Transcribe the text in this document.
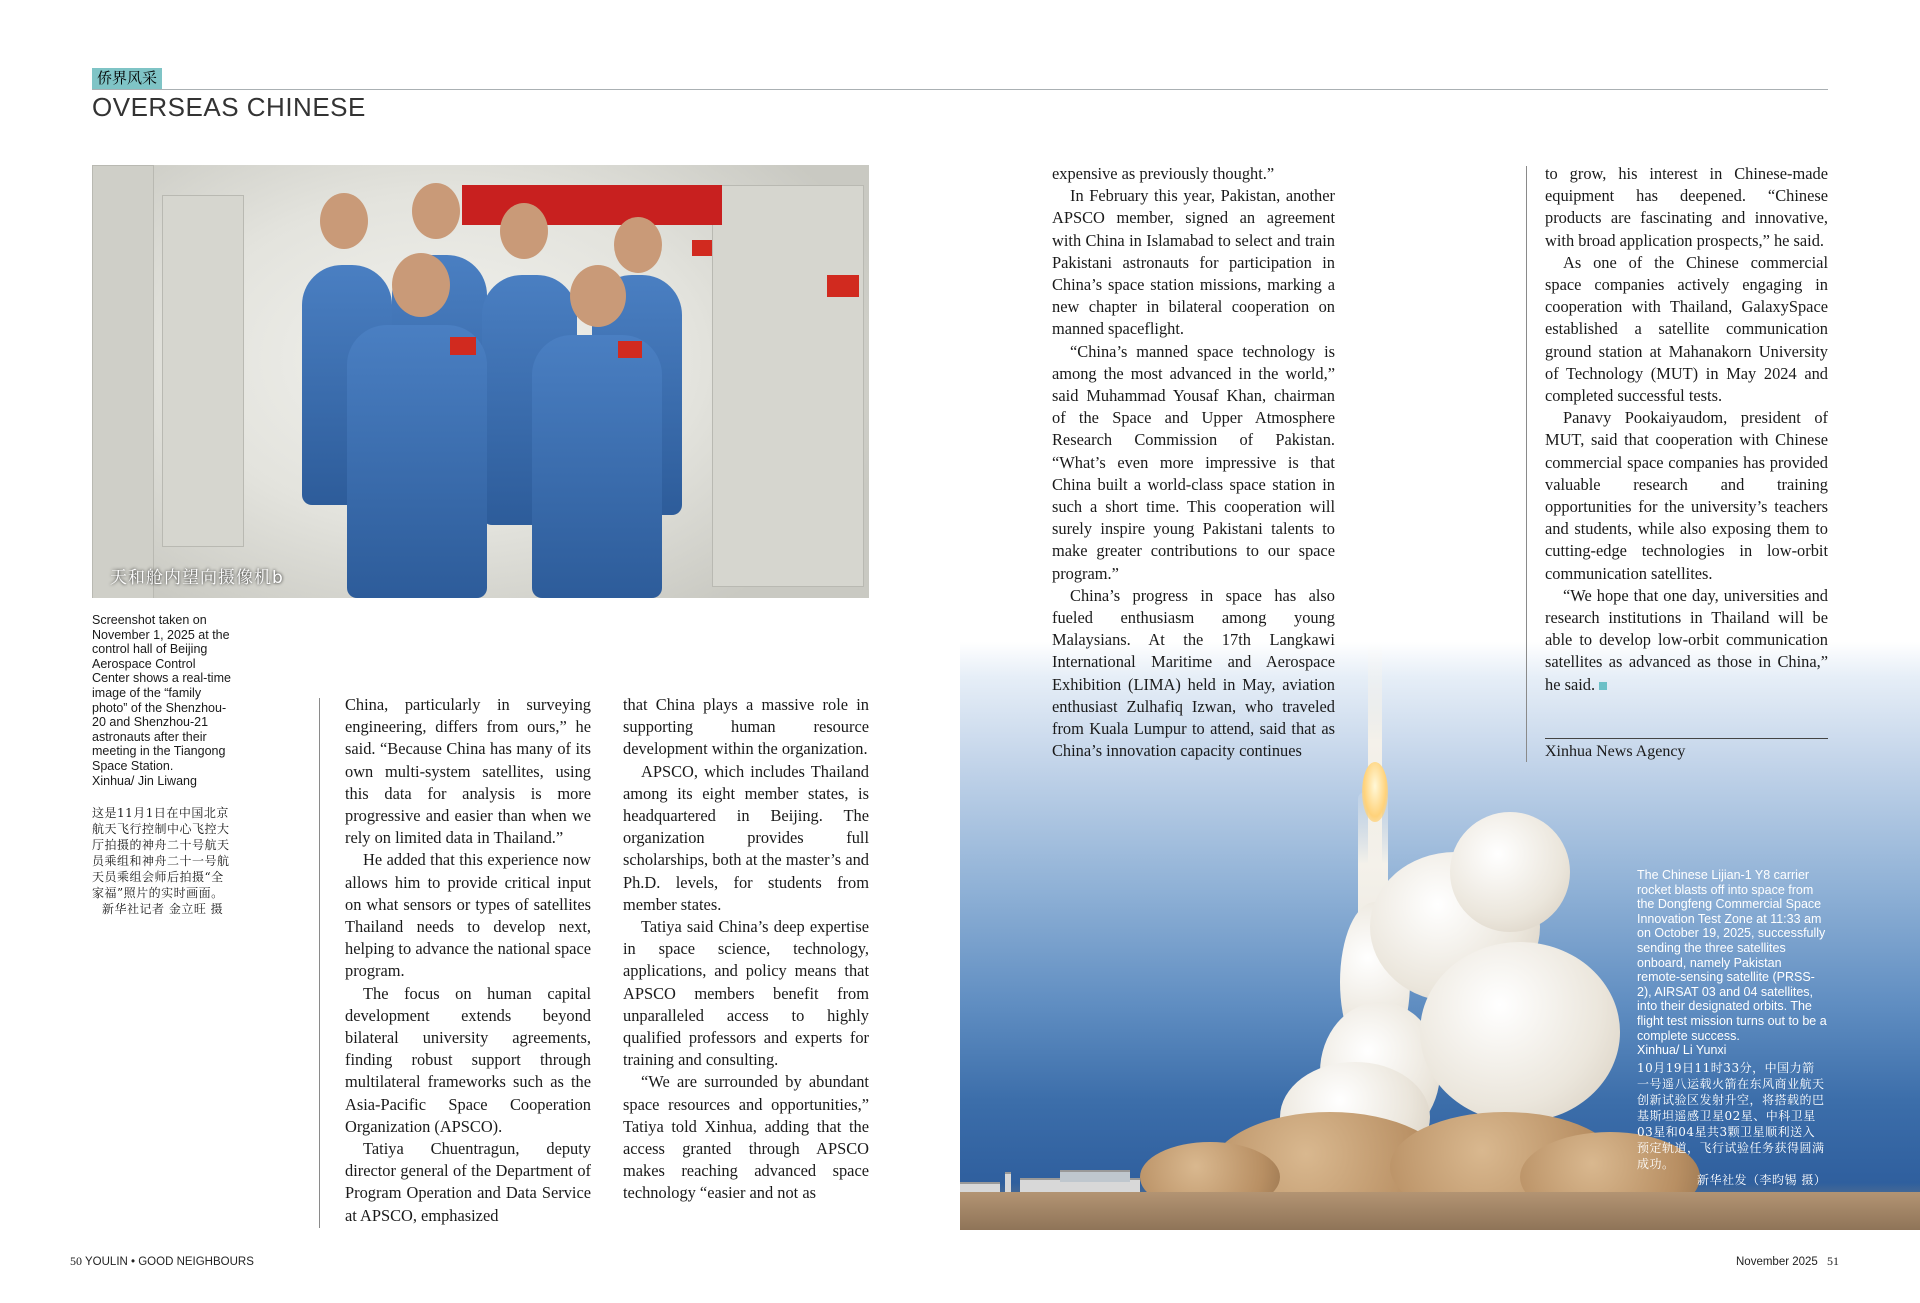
侨界风采
OVERSEAS CHINESE
天和舱内望向摄像机b
Screenshot taken on November 1, 2025 at the control hall of Beijing Aerospace Control Center shows a real-time image of the “family photo” of the Shenzhou-20 and Shenzhou-21 astronauts after their meeting in the Tiangong Space Station.
Xinhua/ Jin Liwang
这是11月1日在中国北京航天飞行控制中心飞控大厅拍摄的神舟二十号航天员乘组和神舟二十一号航天员乘组会师后拍摄“全家福”照片的实时画面。
新华社记者 金立旺 摄
The Chinese Lijian-1 Y8 carrier rocket blasts off into space from the Dongfeng Commercial Space Innovation Test Zone at 11:33 am on October 19, 2025, successfully sending the three satellites onboard, namely Pakistan remote-sensing satellite (PRSS-2), AIRSAT 03 and 04 satellites, into their designated orbits. The flight test mission turns out to be a complete success.
Xinhua/ Li Yunxi
10月19日11时33分，中国力箭一号遥八运载火箭在东风商业航天创新试验区发射升空，将搭载的巴基斯坦遥感卫星02星、中科卫星03星和04星共3颗卫星顺利送入预定轨道，飞行试验任务获得圆满成功。
新华社发（李昀锡 摄）

China, particularly in surveying engineering, differs from ours,” he said. “Because China has many of its own multi-system satellites, using this data for analysis is more progressive and easier than when we rely on limited data in Thailand.”

He added that this experience now allows him to provide critical input on what sensors or types of satellites Thailand needs to develop next, helping to advance the national space program.

The focus on human capital development extends beyond bilateral university agreements, finding robust support through multilateral frameworks such as the Asia-Pacific Space Cooperation Organization (APSCO).

Tatiya Chuentragun, deputy director general of the Department of Program Operation and Data Service at APSCO, emphasized

that China plays a massive role in supporting human resource development within the organization.

APSCO, which includes Thailand among its eight member states, is headquartered in Beijing. The organization provides full scholarships, both at the master’s and Ph.D. levels, for students from member states.

Tatiya said China’s deep expertise in space science, technology, applications, and policy means that APSCO members benefit from unparalleled access to highly qualified professors and experts for training and consulting.

“We are surrounded by abundant space resources and opportunities,” Tatiya told Xinhua, adding that the access granted through APSCO makes reaching advanced space technology “easier and not as

expensive as previously thought.”

In February this year, Pakistan, another APSCO member, signed an agreement with China in Islamabad to select and train Pakistani astronauts for participation in China’s space station missions, marking a new chapter in bilateral cooperation on manned spaceflight.

“China’s manned space technology is among the most advanced in the world,” said Muhammad Yousaf Khan, chairman of the Space and Upper Atmosphere Research Commission of Pakistan. “What’s even more impressive is that China built a world-class space station in such a short time. This cooperation will surely inspire young Pakistani talents to make greater contributions to our space program.”

China’s progress in space has also fueled enthusiasm among young Malaysians. At the 17th Langkawi International Maritime and Aerospace Exhibition (LIMA) held in May, aviation enthusiast Zulhafiq Izwan, who traveled from Kuala Lumpur to attend, said that as China’s innovation capacity continues

to grow, his interest in Chinese-made equipment has deepened. “Chinese products are fascinating and innovative, with broad application prospects,” he said.

As one of the Chinese commercial space companies actively engaging in cooperation with Thailand, GalaxySpace established a satellite communication ground station at Mahanakorn University of Technology (MUT) in May 2024 and completed successful tests.

Panavy Pookaiyaudom, president of MUT, said that cooperation with Chinese commercial space companies has provided valuable research and training opportunities for the university’s teachers and students, while also exposing them to cutting-edge technologies in low-orbit communication satellites.

“We hope that one day, universities and research institutions in Thailand will be able to develop low-orbit communication satellites as advanced as those in China,” he said.

Xinhua News Agency
50 YOULIN • GOOD NEIGHBOURS	November 2025 51
